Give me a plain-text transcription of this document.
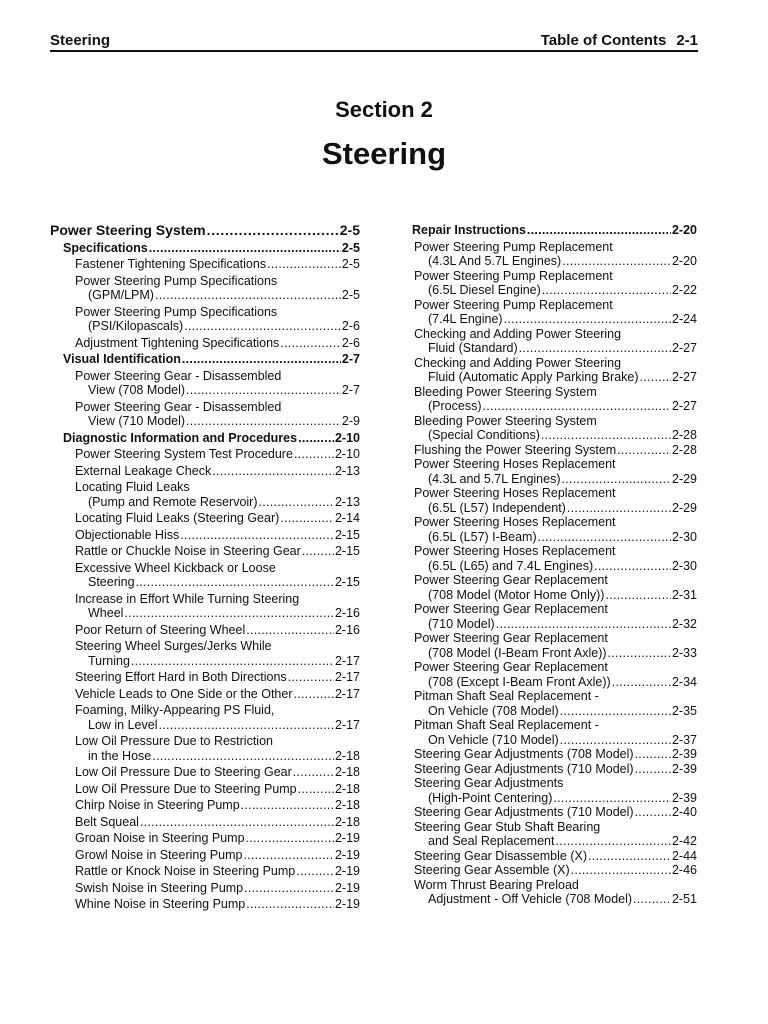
Steering	Table of Contents 2-1
Section 2
Steering
Power Steering System . . .	2-5
Specifications . . .	2-5
Fastener Tightening Specifications . . .	2-5
Power Steering Pump Specifications
(GPM/LPM) . . .	2-5
Power Steering Pump Specifications
(PSI/Kilopascals) . . .	2-6
Adjustment Tightening Specifications . . .	2-6
Visual Identification . . .	2-7
Power Steering Gear - Disassembled
View (708 Model) . . .	2-7
Power Steering Gear - Disassembled
View (710 Model) . . .	2-9
Diagnostic Information and Procedures . . .	2-10
Power Steering System Test Procedure . . .	2-10
External Leakage Check . . .	2-13
Locating Fluid Leaks
(Pump and Remote Reservoir) . . .	2-13
Locating Fluid Leaks (Steering Gear) . . .	2-14
Objectionable Hiss . . .	2-15
Rattle or Chuckle Noise in Steering Gear . . .	2-15
Excessive Wheel Kickback or Loose
Steering . . .	2-15
Increase in Effort While Turning Steering
Wheel . . .	2-16
Poor Return of Steering Wheel . . .	2-16
Steering Wheel Surges/Jerks While
Turning . . .	2-17
Steering Effort Hard in Both Directions . . .	2-17
Vehicle Leads to One Side or the Other . . .	2-17
Foaming, Milky-Appearing PS Fluid,
Low in Level . . .	2-17
Low Oil Pressure Due to Restriction
in the Hose . . .	2-18
Low Oil Pressure Due to Steering Gear . . .	2-18
Low Oil Pressure Due to Steering Pump . . .	2-18
Chirp Noise in Steering Pump . . .	2-18
Belt Squeal . . .	2-18
Groan Noise in Steering Pump . . .	2-19
Growl Noise in Steering Pump . . .	2-19
Rattle or Knock Noise in Steering Pump . . .	2-19
Swish Noise in Steering Pump . . .	2-19
Whine Noise in Steering Pump . . .	2-19
Repair Instructions . . .	2-20
Power Steering Pump Replacement
(4.3L And 5.7L Engines) . . .	2-20
Power Steering Pump Replacement
(6.5L Diesel Engine) . . .	2-22
Power Steering Pump Replacement
(7.4L Engine) . . .	2-24
Checking and Adding Power Steering
Fluid (Standard) . . .	2-27
Checking and Adding Power Steering
Fluid (Automatic Apply Parking Brake) . . .	2-27
Bleeding Power Steering System
(Process) . . .	2-27
Bleeding Power Steering System
(Special Conditions) . . .	2-28
Flushing the Power Steering System . . .	2-28
Power Steering Hoses Replacement
(4.3L and 5.7L Engines) . . .	2-29
Power Steering Hoses Replacement
(6.5L (L57) Independent) . . .	2-29
Power Steering Hoses Replacement
(6.5L (L57) I-Beam) . . .	2-30
Power Steering Hoses Replacement
(6.5L (L65) and 7.4L Engines) . . .	2-30
Power Steering Gear Replacement
(708 Model (Motor Home Only)) . . .	2-31
Power Steering Gear Replacement
(710 Model) . . .	2-32
Power Steering Gear Replacement
(708 Model (I-Beam Front Axle)) . . .	2-33
Power Steering Gear Replacement
(708 (Except I-Beam Front Axle)) . . .	2-34
Pitman Shaft Seal Replacement -
On Vehicle (708 Model) . . .	2-35
Pitman Shaft Seal Replacement -
On Vehicle (710 Model) . . .	2-37
Steering Gear Adjustments (708 Model) . . .	2-39
Steering Gear Adjustments (710 Model) . . .	2-39
Steering Gear Adjustments
(High-Point Centering) . . .	2-39
Steering Gear Adjustments (710 Model) . . .	2-40
Steering Gear Stub Shaft Bearing
and Seal Replacement . . .	2-42
Steering Gear Disassemble (X) . . .	2-44
Steering Gear Assemble (X) . . .	2-46
Worm Thrust Bearing Preload
Adjustment - Off Vehicle (708 Model) . . .	2-51
